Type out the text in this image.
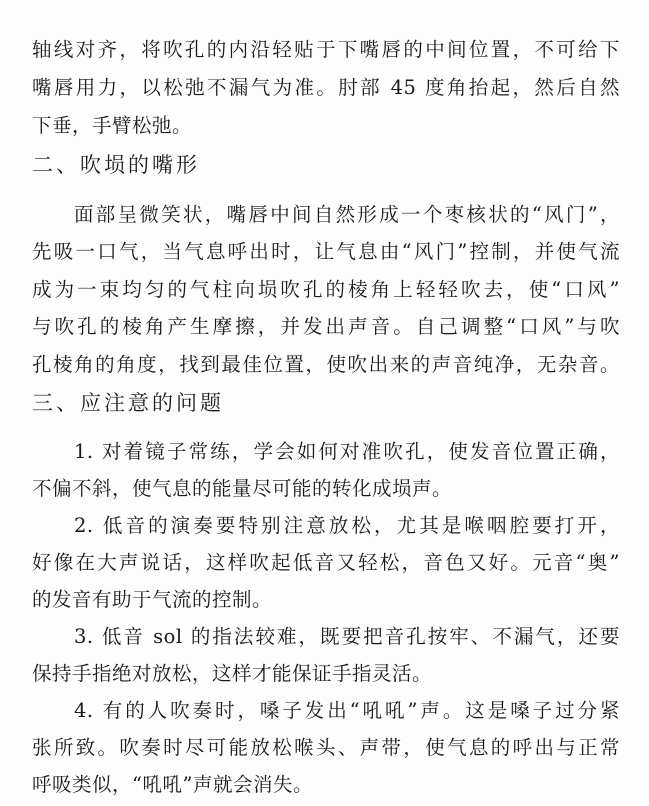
轴线对齐，将吹孔的内沿轻贴于下嘴唇的中间位置，不可给下
嘴唇用力，以松弛不漏气为准。肘部 45 度角抬起，然后自然
下垂，手臂松弛。
二、吹埙的嘴形
面部呈微笑状，嘴唇中间自然形成一个枣核状的“风门”，
先吸一口气，当气息呼出时，让气息由“风门”控制，并使气流
成为一束均匀的气柱向埙吹孔的棱角上轻轻吹去，使“口风”
与吹孔的棱角产生摩擦，并发出声音。自己调整“口风”与吹
孔棱角的角度，找到最佳位置，使吹出来的声音纯净，无杂音。
三、应注意的问题
1. 对着镜子常练，学会如何对准吹孔，使发音位置正确，
不偏不斜，使气息的能量尽可能的转化成埙声。
2. 低音的演奏要特别注意放松，尤其是喉咽腔要打开，
好像在大声说话，这样吹起低音又轻松，音色又好。元音“奥”
的发音有助于气流的控制。
3. 低音 sol 的指法较难，既要把音孔按牢、不漏气，还要
保持手指绝对放松，这样才能保证手指灵活。
4. 有的人吹奏时，嗓子发出“吼吼”声。这是嗓子过分紧
张所致。吹奏时尽可能放松喉头、声带，使气息的呼出与正常
呼吸类似，“吼吼”声就会消失。
